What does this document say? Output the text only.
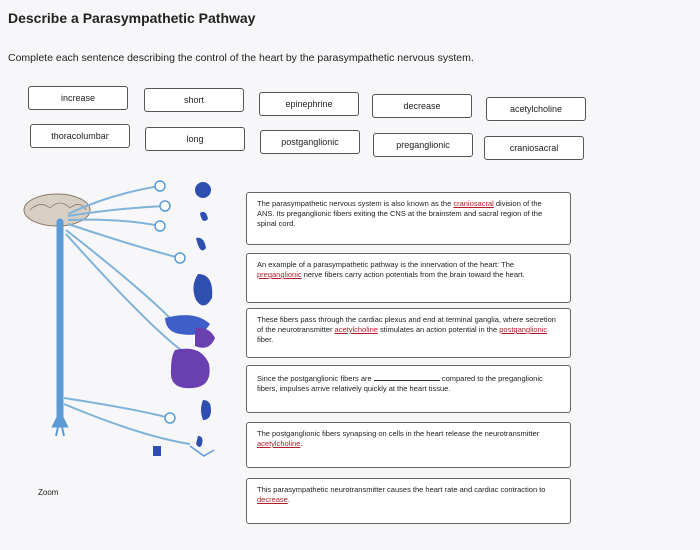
Describe a Parasympathetic Pathway
Complete each sentence describing the control of the heart by the parasympathetic nervous system.
increase	short	epinephrine	decrease	acetylcholine
thoracolumbar	long	postganglionic	preganglionic	craniosacral
Zoom
The parasympathetic nervous system is also known as the craniosacral division of the ANS. Its preganglionic fibers exiting the CNS at the brainstem and sacral region of the spinal cord.
An example of a parasympathetic pathway is the innervation of the heart: The preganglionic nerve fibers carry action potentials from the brain toward the heart.
These fibers pass through the cardiac plexus and end at terminal ganglia, where secretion of the neurotransmitter acetylcholine stimulates an action potential in the postganglionic fiber.
Since the postganglionic fibers are	compared to the preganglionic fibers, impulses arrive relatively quickly at the heart tissue.
The postganglionic fibers synapsing on cells in the heart release the neurotransmitter acetylcholine.
This parasympathetic neurotransmitter causes the heart rate and cardiac contraction to decrease.
